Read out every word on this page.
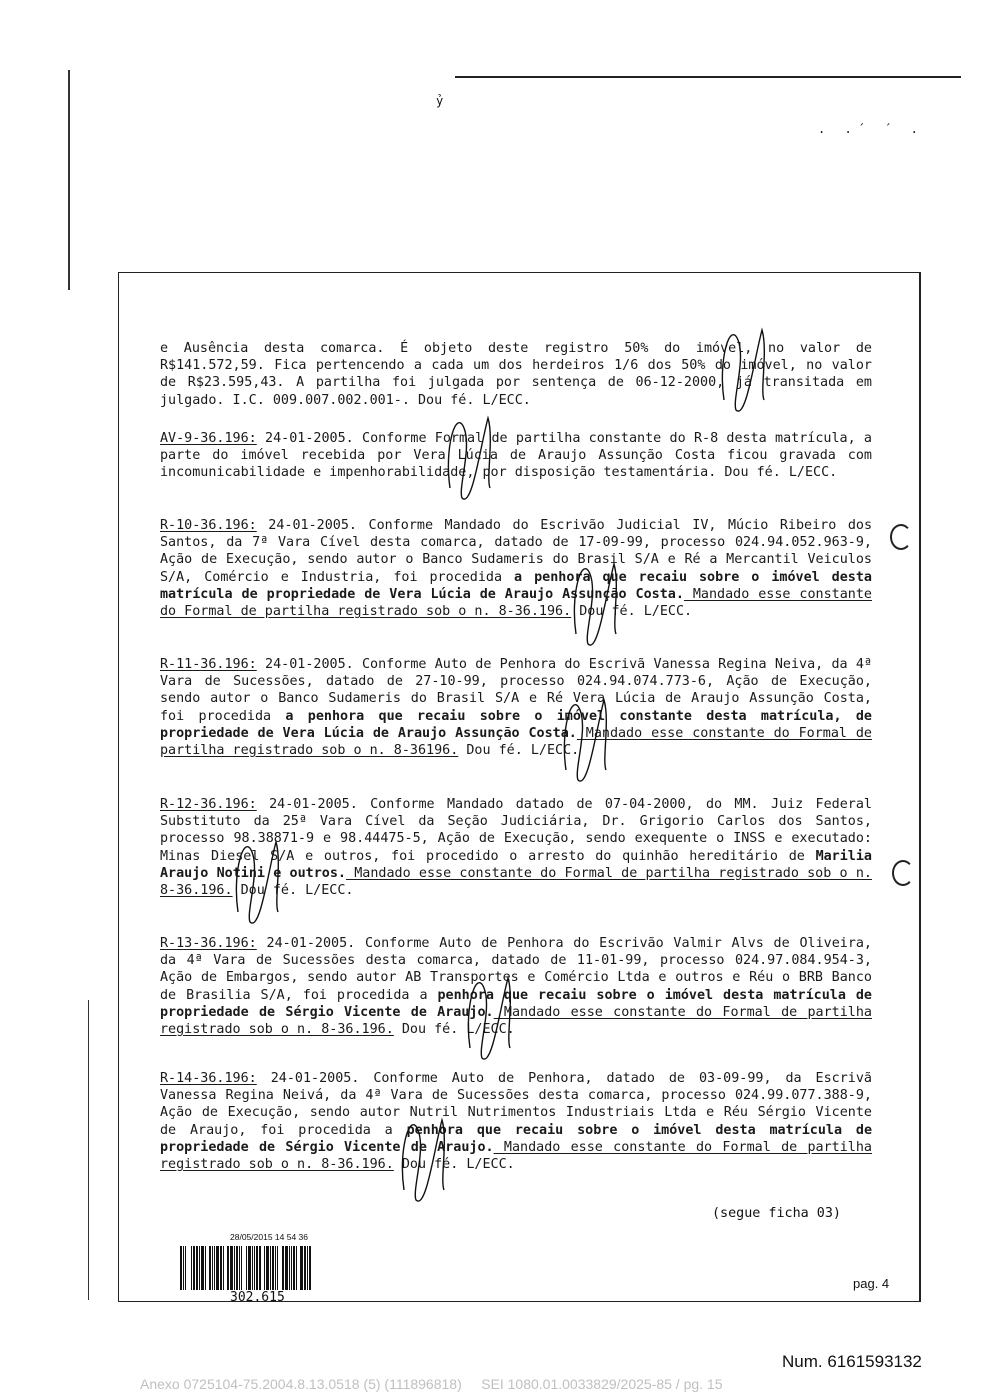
ỷ
. .´ ´ .

e Ausência desta comarca. É objeto deste registro 50% do imóvel, no valor de R$141.572,59. Fica pertencendo a cada um dos herdeiros 1/6 dos 50% do imóvel, no valor de R$23.595,43. A partilha foi julgada por sentença de 06-12-2000, já transitada em julgado. I.C. 009.007.002.001-. Dou fé. L/ECC.

AV-9-36.196: 24-01-2005. Conforme Formal de partilha constante do R-8 desta matrícula, a parte do imóvel recebida por Vera Lúcia de Araujo Assunção Costa ficou gravada com incomunicabilidade e impenhorabilidade, por disposição testamentária. Dou fé. L/ECC.

R-10-36.196: 24-01-2005. Conforme Mandado do Escrivão Judicial IV, Múcio Ribeiro dos Santos, da 7ª Vara Cível desta comarca, datado de 17-09-99, processo 024.94.052.963-9, Ação de Execução, sendo autor o Banco Sudameris do Brasil S/A e Ré a Mercantil Veiculos S/A, Comércio e Industria, foi procedida a penhora que recaiu sobre o imóvel desta matrícula de propriedade de Vera Lúcia de Araujo Assunção Costa. Mandado esse constante do Formal de partilha registrado sob o n. 8-36.196. Dou fé. L/ECC.

R-11-36.196: 24-01-2005. Conforme Auto de Penhora do Escrivã Vanessa Regina Neiva, da 4ª Vara de Sucessões, datado de 27-10-99, processo 024.94.074.773-6, Ação de Execução, sendo autor o Banco Sudameris do Brasil S/A e Ré Vera Lúcia de Araujo Assunção Costa, foi procedida a penhora que recaiu sobre o imóvel constante desta matrícula, de propriedade de Vera Lúcia de Araujo Assunção Costa. Mandado esse constante do Formal de partilha registrado sob o n. 8-36196. Dou fé. L/ECC.

R-12-36.196: 24-01-2005. Conforme Mandado datado de 07-04-2000, do MM. Juiz Federal Substituto da 25ª Vara Cível da Seção Judiciária, Dr. Grigorio Carlos dos Santos, processo 98.38871-9 e 98.44475-5, Ação de Execução, sendo exequente o INSS e executado: Minas Diesel S/A e outros, foi procedido o arresto do quinhão hereditário de Marilia Araujo Notini e outros. Mandado esse constante do Formal de partilha registrado sob o n. 8-36.196. Dou fé. L/ECC.

R-13-36.196: 24-01-2005. Conforme Auto de Penhora do Escrivão Valmir Alvs de Oliveira, da 4ª Vara de Sucessões desta comarca, datado de 11-01-99, processo 024.97.084.954-3, Ação de Embargos, sendo autor AB Transportes e Comércio Ltda e outros e Réu o BRB Banco de Brasilia S/A, foi procedida a penhora que recaiu sobre o imóvel desta matrícula de propriedade de Sérgio Vicente de Araujo. Mandado esse constante do Formal de partilha registrado sob o n. 8-36.196. Dou fé. L/ECC.

R-14-36.196: 24-01-2005. Conforme Auto de Penhora, datado de 03-09-99, da Escrivã Vanessa Regina Neivá, da 4ª Vara de Sucessões desta comarca, processo 024.99.077.388-9, Ação de Execução, sendo autor Nutril Nutrimentos Industriais Ltda e Réu Sérgio Vicente de Araujo, foi procedida a penhora que recaiu sobre o imóvel desta matrícula de propriedade de Sérgio Vicente de Araujo. Mandado esse constante do Formal de partilha registrado sob o n. 8-36.196. Dou fé. L/ECC.

(segue ficha 03)
28/05/2015 14 54 36
302.615
pag. 4
Num. 6161593132
Anexo 0725104-75.2004.8.13.0518 (5) (111896818)     SEI 1080.01.0033829/2025-85 / pg. 15
